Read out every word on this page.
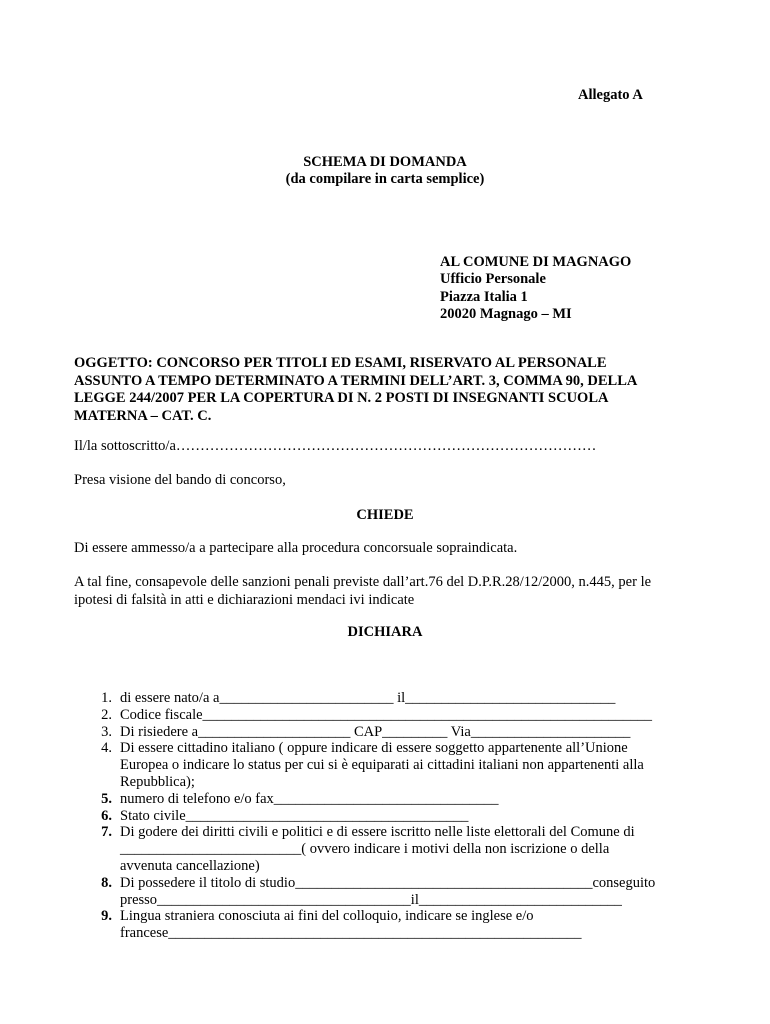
Allegato A
SCHEMA DI DOMANDA
(da compilare in carta semplice)
AL COMUNE DI MAGNAGO
Ufficio Personale
Piazza Italia 1
20020 Magnago – MI
OGGETTO: CONCORSO PER TITOLI ED ESAMI, RISERVATO AL PERSONALE
ASSUNTO A TEMPO DETERMINATO A TERMINI DELL’ART. 3, COMMA 90, DELLA
LEGGE 244/2007 PER LA COPERTURA DI N. 2 POSTI DI INSEGNANTI SCUOLA
MATERNA – CAT. C.
Il/la sottoscritto/a……………………………………………………………………………
Presa visione del bando di concorso,
CHIEDE
Di essere ammesso/a a partecipare alla procedura concorsuale sopraindicata.
A tal fine, consapevole delle sanzioni penali previste dall’art.76 del D.P.R.28/12/2000, n.445, per le
ipotesi di falsità in atti e dichiarazioni mendaci ivi indicate
DICHIARA
1. di essere nato/a a________________________ il_____________________________
2. Codice fiscale______________________________________________________________
3. Di risiedere a_____________________ CAP_________ Via______________________
4. Di essere cittadino italiano ( oppure indicare di essere soggetto appartenente all’Unione
Europea o indicare lo status per cui si è equiparati ai cittadini italiani non appartenenti alla
Repubblica);
5. numero di telefono e/o fax_______________________________
6. Stato civile_______________________________________
7. Di godere dei diritti civili e politici e di essere iscritto nelle liste elettorali del Comune di
_________________________( ovvero indicare i motivi della non iscrizione o della
avvenuta cancellazione)
8. Di possedere il titolo di studio_________________________________________conseguito
presso___________________________________il____________________________
9. Lingua straniera conosciuta ai fini del colloquio, indicare se inglese e/o
francese_________________________________________________________
